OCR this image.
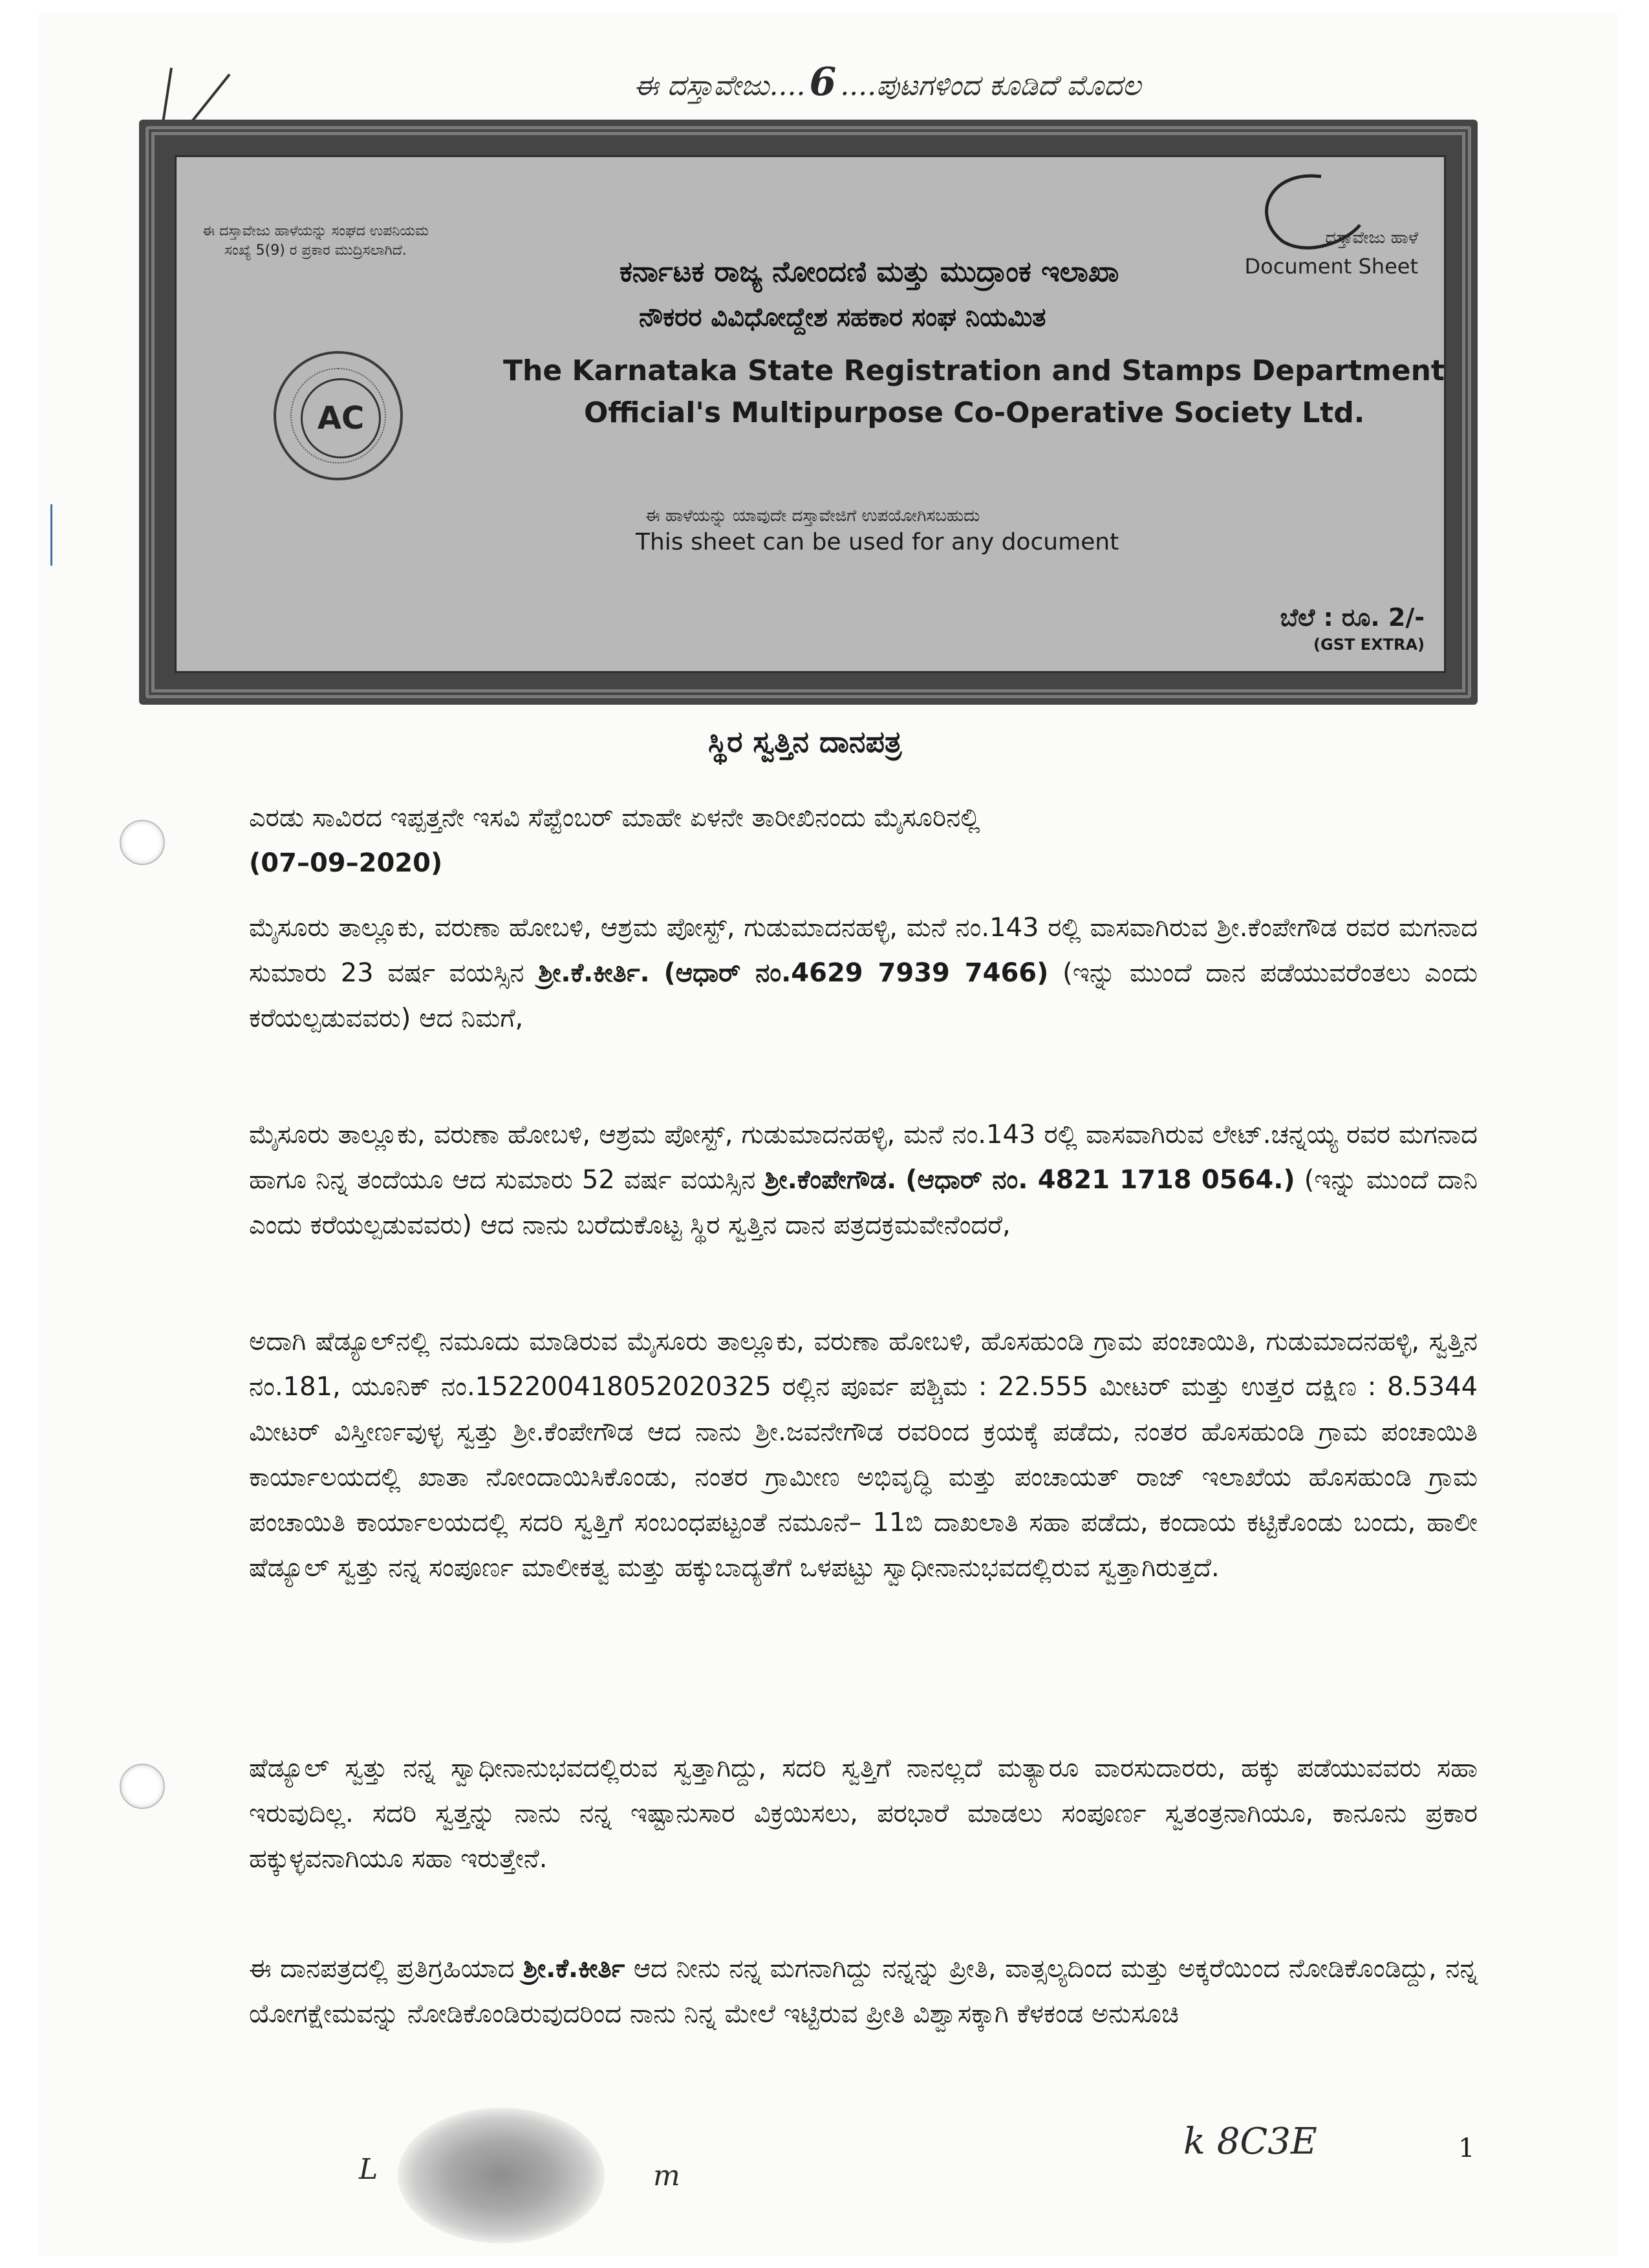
ಈ ದಸ್ತಾವೇಜು.... 6 ....ಪುಟಗಳಿಂದ ಕೂಡಿದೆ ಮೊದಲ
ಈ ದಸ್ತಾವೇಜು ಹಾಳೆಯನ್ನು ಸಂಘದ ಉಪನಿಯಮ
ಸಂಖ್ಯೆ 5(9) ರ ಪ್ರಕಾರ ಮುದ್ರಿಸಲಾಗಿದೆ.
ದಸ್ತಾವೇಜು ಹಾಳೆ
Document Sheet
ಕರ್ನಾಟಕ ರಾಜ್ಯ ನೋಂದಣಿ ಮತ್ತು ಮುದ್ರಾಂಕ ಇಲಾಖಾ
ನೌಕರರ ವಿವಿಧೋದ್ದೇಶ ಸಹಕಾರ ಸಂಘ ನಿಯಮಿತ
The Karnataka State Registration and Stamps Department
Official's Multipurpose Co-Operative Society Ltd.
AC
ಈ ಹಾಳೆಯನ್ನು ಯಾವುದೇ ದಸ್ತಾವೇಜಿಗೆ ಉಪಯೋಗಿಸಬಹುದು
This sheet can be used for any document
ಬೆಲೆ : ರೂ. 2/-
(GST EXTRA)
ಸ್ಥಿರ ಸ್ವತ್ತಿನ ದಾನಪತ್ರ
ಎರಡು ಸಾವಿರದ ಇಪ್ಪತ್ತನೇ ಇಸವಿ ಸೆಪ್ಟೆಂಬರ್ ಮಾಹೇ ಏಳನೇ ತಾರೀಖಿನಂದು ಮೈಸೂರಿನಲ್ಲಿ
(07–09–2020)
ಮೈಸೂರು ತಾಲ್ಲೂಕು, ವರುಣಾ ಹೋಬಳಿ, ಆಶ್ರಮ ಪೋಸ್ಟ್, ಗುಡುಮಾದನಹಳ್ಳಿ, ಮನೆ ನಂ.143 ರಲ್ಲಿ ವಾಸವಾಗಿರುವ ಶ್ರೀ.ಕೆಂಪೇಗೌಡ ರವರ ಮಗನಾದ ಸುಮಾರು 23 ವರ್ಷ ವಯಸ್ಸಿನ ಶ್ರೀ.ಕೆ.ಕೀರ್ತಿ. (ಆಧಾರ್ ನಂ.4629 7939 7466) (ಇನ್ನು ಮುಂದೆ ದಾನ ಪಡೆಯುವರೆಂತಲು ಎಂದು ಕರೆಯಲ್ಪಡುವವರು) ಆದ ನಿಮಗೆ,
ಮೈಸೂರು ತಾಲ್ಲೂಕು, ವರುಣಾ ಹೋಬಳಿ, ಆಶ್ರಮ ಪೋಸ್ಟ್, ಗುಡುಮಾದನಹಳ್ಳಿ, ಮನೆ ನಂ.143 ರಲ್ಲಿ ವಾಸವಾಗಿರುವ ಲೇಟ್.ಚನ್ನಯ್ಯ ರವರ ಮಗನಾದ ಹಾಗೂ ನಿನ್ನ ತಂದೆಯೂ ಆದ ಸುಮಾರು 52 ವರ್ಷ ವಯಸ್ಸಿನ ಶ್ರೀ.ಕೆಂಪೇಗೌಡ. (ಆಧಾರ್ ನಂ. 4821 1718 0564.) (ಇನ್ನು ಮುಂದೆ ದಾನಿ ಎಂದು ಕರೆಯಲ್ಪಡುವವರು) ಆದ ನಾನು ಬರೆದುಕೊಟ್ಟ ಸ್ಥಿರ ಸ್ವತ್ತಿನ ದಾನ ಪತ್ರದಕ್ರಮವೇನೆಂದರೆ,
ಅದಾಗಿ ಷೆಡ್ಯೂಲ್‌ನಲ್ಲಿ ನಮೂದು ಮಾಡಿರುವ ಮೈಸೂರು ತಾಲ್ಲೂಕು, ವರುಣಾ ಹೋಬಳಿ, ಹೊಸಹುಂಡಿ ಗ್ರಾಮ ಪಂಚಾಯಿತಿ, ಗುಡುಮಾದನಹಳ್ಳಿ, ಸ್ವತ್ತಿನ ನಂ.181, ಯೂನಿಕ್ ನಂ.152200418052020325 ರಲ್ಲಿನ ಪೂರ್ವ ಪಶ್ಚಿಮ : 22.555 ಮೀಟರ್ ಮತ್ತು ಉತ್ತರ ದಕ್ಷಿಣ : 8.5344 ಮೀಟರ್ ವಿಸ್ತೀರ್ಣವುಳ್ಳ ಸ್ವತ್ತು ಶ್ರೀ.ಕೆಂಪೇಗೌಡ ಆದ ನಾನು ಶ್ರೀ.ಜವನೇಗೌಡ ರವರಿಂದ ಕ್ರಯಕ್ಕೆ ಪಡೆದು, ನಂತರ ಹೊಸಹುಂಡಿ ಗ್ರಾಮ ಪಂಚಾಯಿತಿ ಕಾರ್ಯಾಲಯದಲ್ಲಿ ಖಾತಾ ನೋಂದಾಯಿಸಿಕೊಂಡು, ನಂತರ ಗ್ರಾಮೀಣ ಅಭಿವೃದ್ಧಿ ಮತ್ತು ಪಂಚಾಯತ್ ರಾಜ್ ಇಲಾಖೆಯ ಹೊಸಹುಂಡಿ ಗ್ರಾಮ ಪಂಚಾಯಿತಿ ಕಾರ್ಯಾಲಯದಲ್ಲಿ ಸದರಿ ಸ್ವತ್ತಿಗೆ ಸಂಬಂಧಪಟ್ಟಂತೆ ನಮೂನೆ– 11ಬಿ ದಾಖಲಾತಿ ಸಹಾ ಪಡೆದು, ಕಂದಾಯ ಕಟ್ಟಿಕೊಂಡು ಬಂದು, ಹಾಲೀ ಷೆಡ್ಯೂಲ್ ಸ್ವತ್ತು ನನ್ನ ಸಂಪೂರ್ಣ ಮಾಲೀಕತ್ವ ಮತ್ತು ಹಕ್ಕುಬಾದ್ಯತೆಗೆ ಒಳಪಟ್ಟು ಸ್ವಾಧೀನಾನುಭವದಲ್ಲಿರುವ ಸ್ವತ್ತಾಗಿರುತ್ತದೆ.
ಷೆಡ್ಯೂಲ್ ಸ್ವತ್ತು ನನ್ನ ಸ್ವಾಧೀನಾನುಭವದಲ್ಲಿರುವ ಸ್ವತ್ತಾಗಿದ್ದು, ಸದರಿ ಸ್ವತ್ತಿಗೆ ನಾನಲ್ಲದೆ ಮತ್ಯಾರೂ ವಾರಸುದಾರರು, ಹಕ್ಕು ಪಡೆಯುವವರು ಸಹಾ ಇರುವುದಿಲ್ಲ. ಸದರಿ ಸ್ವತ್ತನ್ನು ನಾನು ನನ್ನ ಇಷ್ಟಾನುಸಾರ ವಿಕ್ರಯಿಸಲು, ಪರಭಾರೆ ಮಾಡಲು ಸಂಪೂರ್ಣ ಸ್ವತಂತ್ರನಾಗಿಯೂ, ಕಾನೂನು ಪ್ರಕಾರ ಹಕ್ಕುಳ್ಳವನಾಗಿಯೂ ಸಹಾ ಇರುತ್ತೇನೆ.
ಈ ದಾನಪತ್ರದಲ್ಲಿ ಪ್ರತಿಗ್ರಹಿಯಾದ ಶ್ರೀ.ಕೆ.ಕೀರ್ತಿ ಆದ ನೀನು ನನ್ನ ಮಗನಾಗಿದ್ದು ನನ್ನನ್ನು ಪ್ರೀತಿ, ವಾತ್ಸಲ್ಯದಿಂದ ಮತ್ತು ಅಕ್ಕರೆಯಿಂದ ನೋಡಿಕೊಂಡಿದ್ದು, ನನ್ನ ಯೋಗಕ್ಷೇಮವನ್ನು ನೋಡಿಕೊಂಡಿರುವುದರಿಂದ ನಾನು ನಿನ್ನ ಮೇಲೆ ಇಟ್ಟಿರುವ ಪ್ರೀತಿ ವಿಶ್ವಾಸಕ್ಕಾಗಿ ಕೆಳಕಂಡ ಅನುಸೂಚಿ
L	m
k 8C3E	1
